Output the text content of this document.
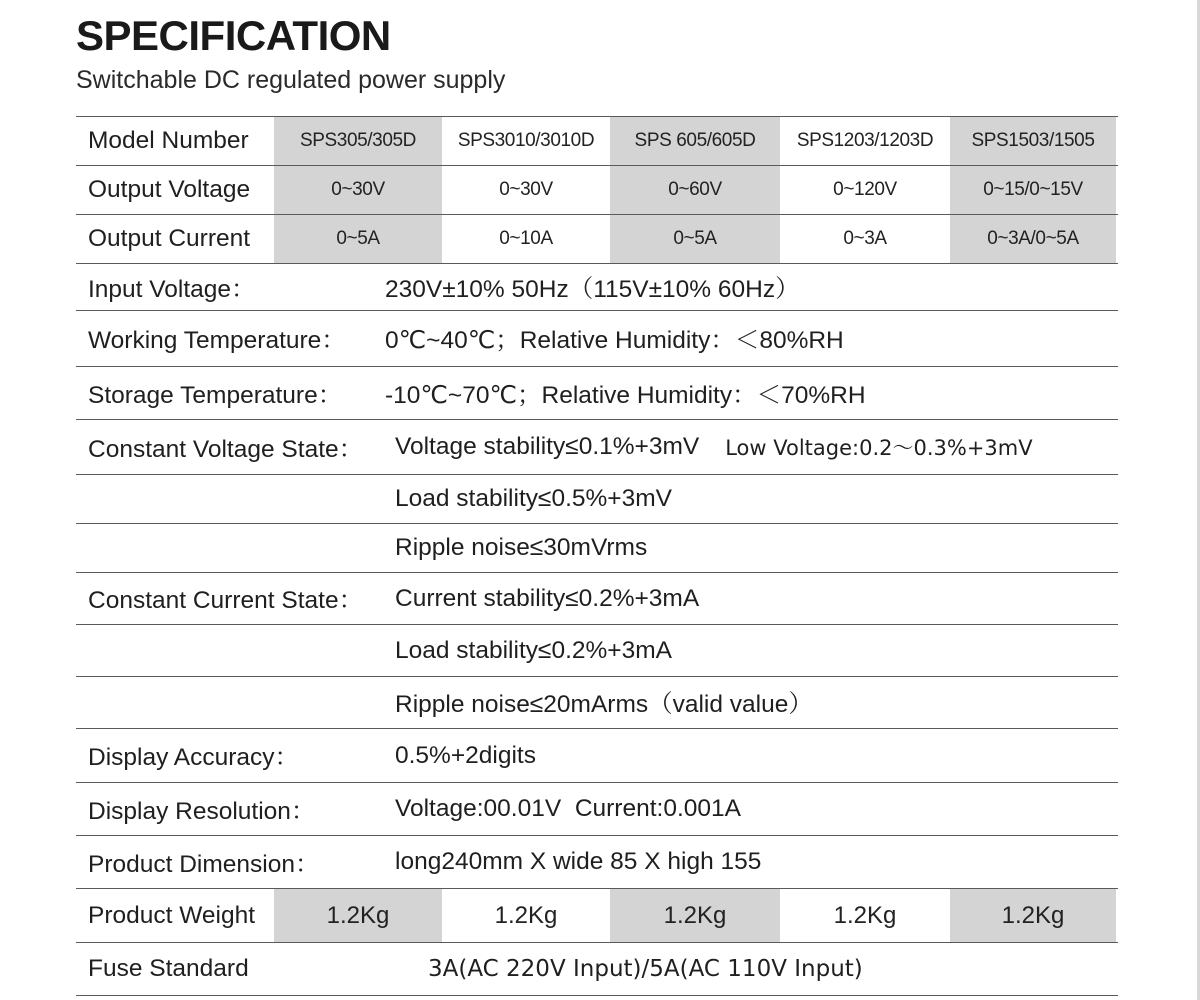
SPECIFICATION
Switchable DC regulated power supply
Model Number	SPS305/305D	SPS3010/3010D	SPS 605/605D	SPS1203/1203D	SPS1503/1505
Output Voltage	0~30V	0~30V	0~60V	0~120V	0~15/0~15V
Output Current	0~5A	0~10A	0~5A	0~3A	0~3A/0~5A
Input Voltage：	230V±10% 50Hz（115V±10% 60Hz）
Working Temperature： 0℃~40℃；Relative Humidity：＜80%RH
Storage Temperature： -10℃~70℃；Relative Humidity：＜70%RH
Constant Voltage State： Voltage stability≤0.1%+3mV Low Voltage:0.2～0.3%+3mV
Load stability≤0.5%+3mV
Ripple noise≤30mVrms
Constant Current State： Current stability≤0.2%+3mA
Load stability≤0.2%+3mA
Ripple noise≤20mArms（valid value）
Display Accuracy：	0.5%+2digits
Display Resolution：	Voltage:00.01V  Current:0.001A
Product Dimension：	long240mm X wide 85 X high 155
Product Weight	1.2Kg	1.2Kg	1.2Kg	1.2Kg	1.2Kg
Fuse Standard	3A(AC 220V Input)/5A(AC 110V Input)
